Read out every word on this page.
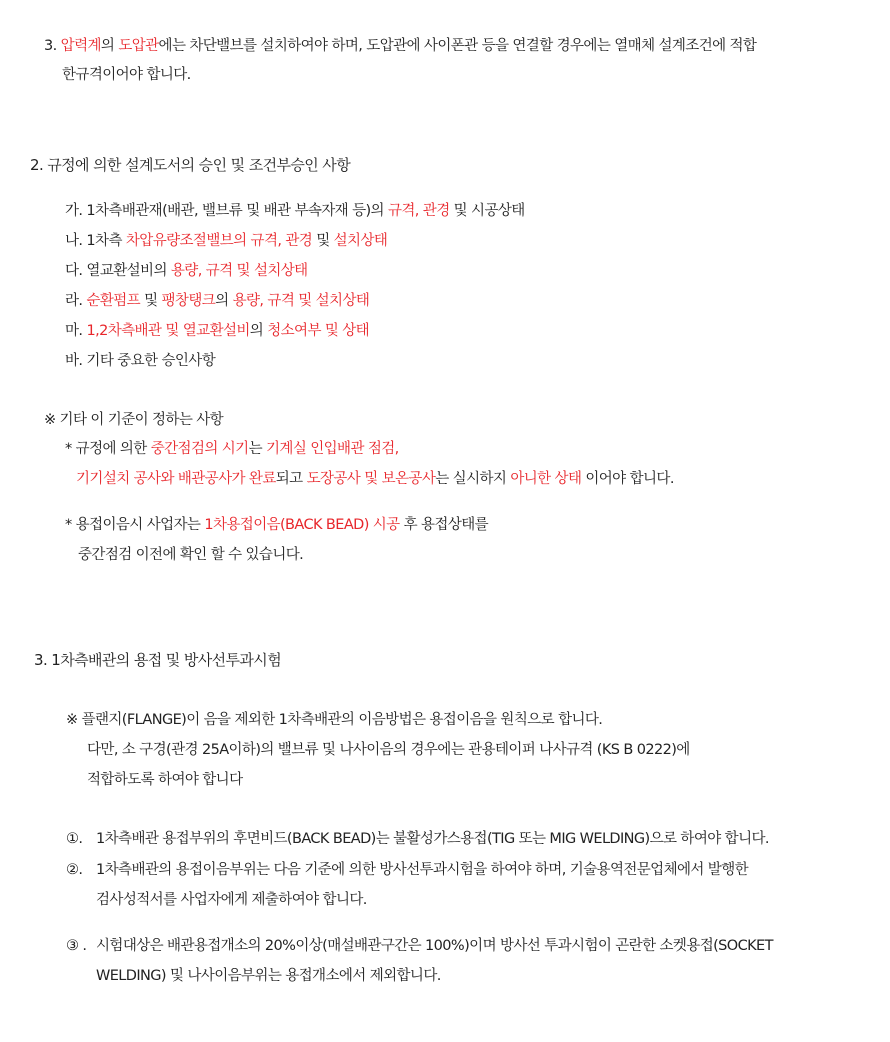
3. 압력계의 도압관에는 차단밸브를 설치하여야 하며, 도압관에 사이폰관 등을 연결할 경우에는 열매체 설계조건에 적합
한규격이어야 합니다.
2. 규정에 의한 설계도서의 승인 및 조건부승인 사항
가. 1차측배관재(배관, 밸브류 및 배관 부속자재 등)의 규격, 관경 및 시공상태
나. 1차측 차압유량조절밸브의 규격, 관경 및 설치상태
다. 열교환설비의 용량, 규격 및 설치상태
라. 순환펌프 및 팽창탱크의 용량, 규격 및 설치상태
마. 1,2차측배관 및 열교환설비의 청소여부 및 상태
바. 기타 중요한 승인사항
※ 기타 이 기준이 정하는 사항
* 규정에 의한 중간점검의 시기는 기계실 인입배관 점검,
기기설치 공사와 배관공사가 완료되고 도장공사 및 보온공사는 실시하지 아니한 상태 이어야 합니다.
* 용접이음시 사업자는 1차용접이음(BACK BEAD) 시공 후 용접상태를
중간점검 이전에 확인 할 수 있습니다.
3. 1차측배관의 용접 및 방사선투과시험
※ 플랜지(FLANGE)이 음을 제외한 1차측배관의 이음방법은 용접이음을 원칙으로 합니다.
다만, 소 구경(관경 25A이하)의 밸브류 및 나사이음의 경우에는 관용테이퍼 나사규격 (KS B 0222)에
적합하도록 하여야 합니다
①. 1차측배관 용접부위의 후면비드(BACK BEAD)는 불활성가스용접(TIG 또는 MIG WELDING)으로 하여야 합니다.
②. 1차측배관의 용접이음부위는 다음 기준에 의한 방사선투과시험을 하여야 하며, 기술용역전문업체에서 발행한
검사성적서를 사업자에게 제출하여야 합니다.
③ . 시험대상은 배관용접개소의 20%이상(매설배관구간은 100%)이며 방사선 투과시험이 곤란한 소켓용접(SOCKET
WELDING) 및 나사이음부위는 용접개소에서 제외합니다.
